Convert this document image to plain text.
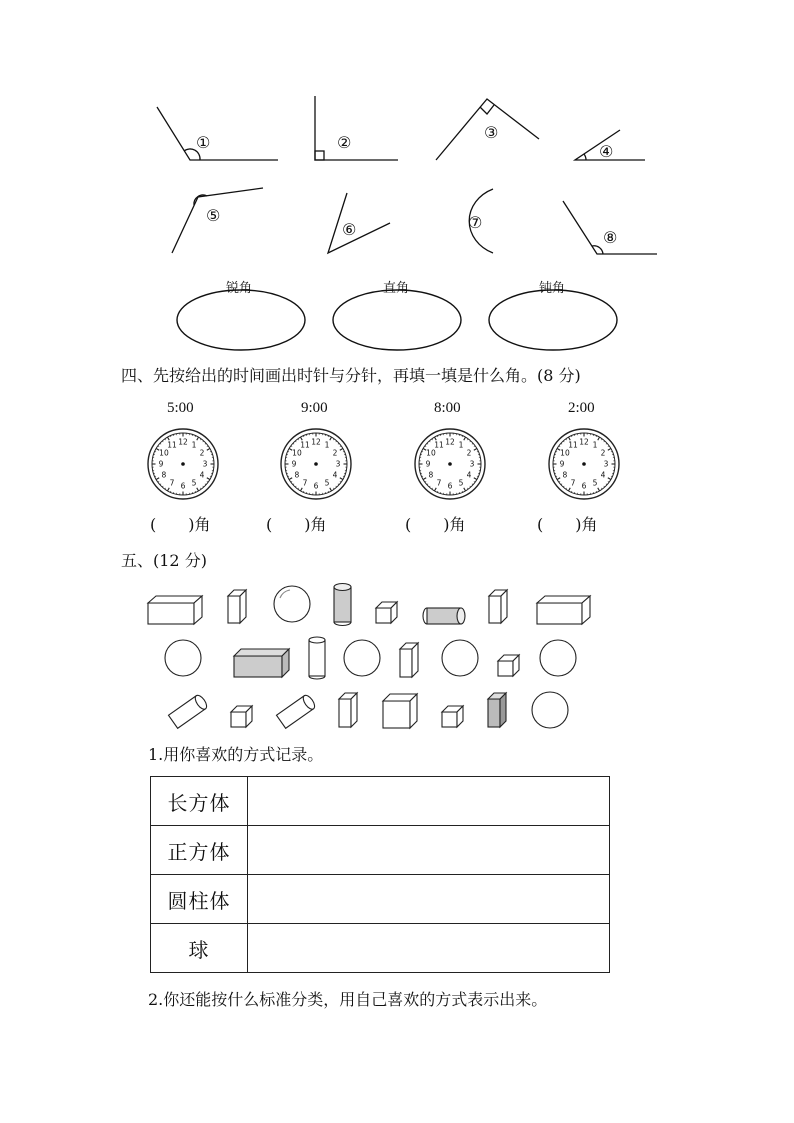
12 1
2
3
4
5
6
7
8
9
10
11	12 1
2
3
4
5
6
7
8
9
10
11	12 1
2
3
4
5
6
7
8
9
10
11	12 1
2
3
4
5
6
7
8
9
10
11
①	②
③
④
⑤
⑥	⑦
⑧
锐角	直角	钝角
四、先按给出的时间画出时针与分针，再填一填是什么角。(8 分)
5:00	9:00	8:00	2:00
(　　)角	(　　)角	(　　)角	(　　)角
五、(12 分)
1.用你喜欢的方式记录。
长方体	
正方体	
圆柱体	
球	
2.你还能按什么标准分类，用自己喜欢的方式表示出来。
